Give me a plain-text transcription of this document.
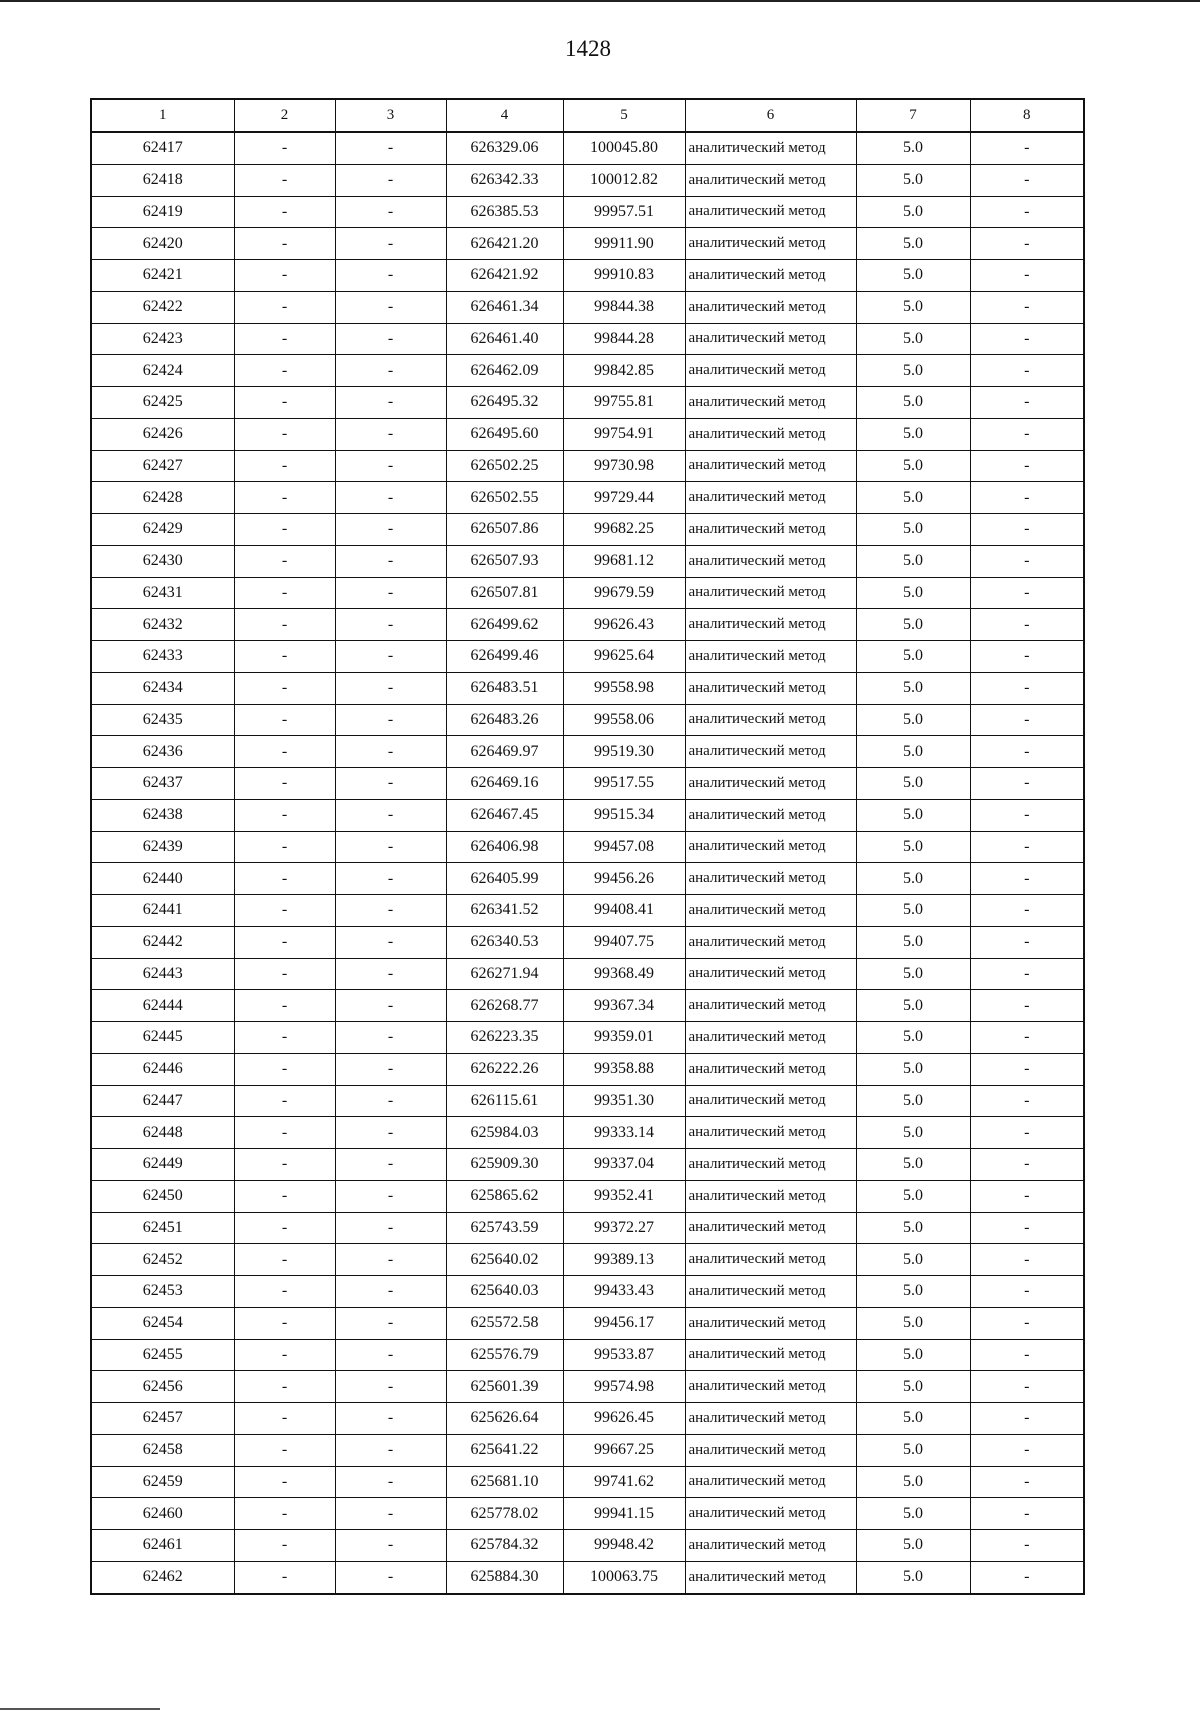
1428
1	2	3	4	5	6	7	8
62417	-	-	626329.06	100045.80	аналитический метод	5.0	-
62418	-	-	626342.33	100012.82	аналитический метод	5.0	-
62419	-	-	626385.53	99957.51	аналитический метод	5.0	-
62420	-	-	626421.20	99911.90	аналитический метод	5.0	-
62421	-	-	626421.92	99910.83	аналитический метод	5.0	-
62422	-	-	626461.34	99844.38	аналитический метод	5.0	-
62423	-	-	626461.40	99844.28	аналитический метод	5.0	-
62424	-	-	626462.09	99842.85	аналитический метод	5.0	-
62425	-	-	626495.32	99755.81	аналитический метод	5.0	-
62426	-	-	626495.60	99754.91	аналитический метод	5.0	-
62427	-	-	626502.25	99730.98	аналитический метод	5.0	-
62428	-	-	626502.55	99729.44	аналитический метод	5.0	-
62429	-	-	626507.86	99682.25	аналитический метод	5.0	-
62430	-	-	626507.93	99681.12	аналитический метод	5.0	-
62431	-	-	626507.81	99679.59	аналитический метод	5.0	-
62432	-	-	626499.62	99626.43	аналитический метод	5.0	-
62433	-	-	626499.46	99625.64	аналитический метод	5.0	-
62434	-	-	626483.51	99558.98	аналитический метод	5.0	-
62435	-	-	626483.26	99558.06	аналитический метод	5.0	-
62436	-	-	626469.97	99519.30	аналитический метод	5.0	-
62437	-	-	626469.16	99517.55	аналитический метод	5.0	-
62438	-	-	626467.45	99515.34	аналитический метод	5.0	-
62439	-	-	626406.98	99457.08	аналитический метод	5.0	-
62440	-	-	626405.99	99456.26	аналитический метод	5.0	-
62441	-	-	626341.52	99408.41	аналитический метод	5.0	-
62442	-	-	626340.53	99407.75	аналитический метод	5.0	-
62443	-	-	626271.94	99368.49	аналитический метод	5.0	-
62444	-	-	626268.77	99367.34	аналитический метод	5.0	-
62445	-	-	626223.35	99359.01	аналитический метод	5.0	-
62446	-	-	626222.26	99358.88	аналитический метод	5.0	-
62447	-	-	626115.61	99351.30	аналитический метод	5.0	-
62448	-	-	625984.03	99333.14	аналитический метод	5.0	-
62449	-	-	625909.30	99337.04	аналитический метод	5.0	-
62450	-	-	625865.62	99352.41	аналитический метод	5.0	-
62451	-	-	625743.59	99372.27	аналитический метод	5.0	-
62452	-	-	625640.02	99389.13	аналитический метод	5.0	-
62453	-	-	625640.03	99433.43	аналитический метод	5.0	-
62454	-	-	625572.58	99456.17	аналитический метод	5.0	-
62455	-	-	625576.79	99533.87	аналитический метод	5.0	-
62456	-	-	625601.39	99574.98	аналитический метод	5.0	-
62457	-	-	625626.64	99626.45	аналитический метод	5.0	-
62458	-	-	625641.22	99667.25	аналитический метод	5.0	-
62459	-	-	625681.10	99741.62	аналитический метод	5.0	-
62460	-	-	625778.02	99941.15	аналитический метод	5.0	-
62461	-	-	625784.32	99948.42	аналитический метод	5.0	-
62462	-	-	625884.30	100063.75	аналитический метод	5.0	-
